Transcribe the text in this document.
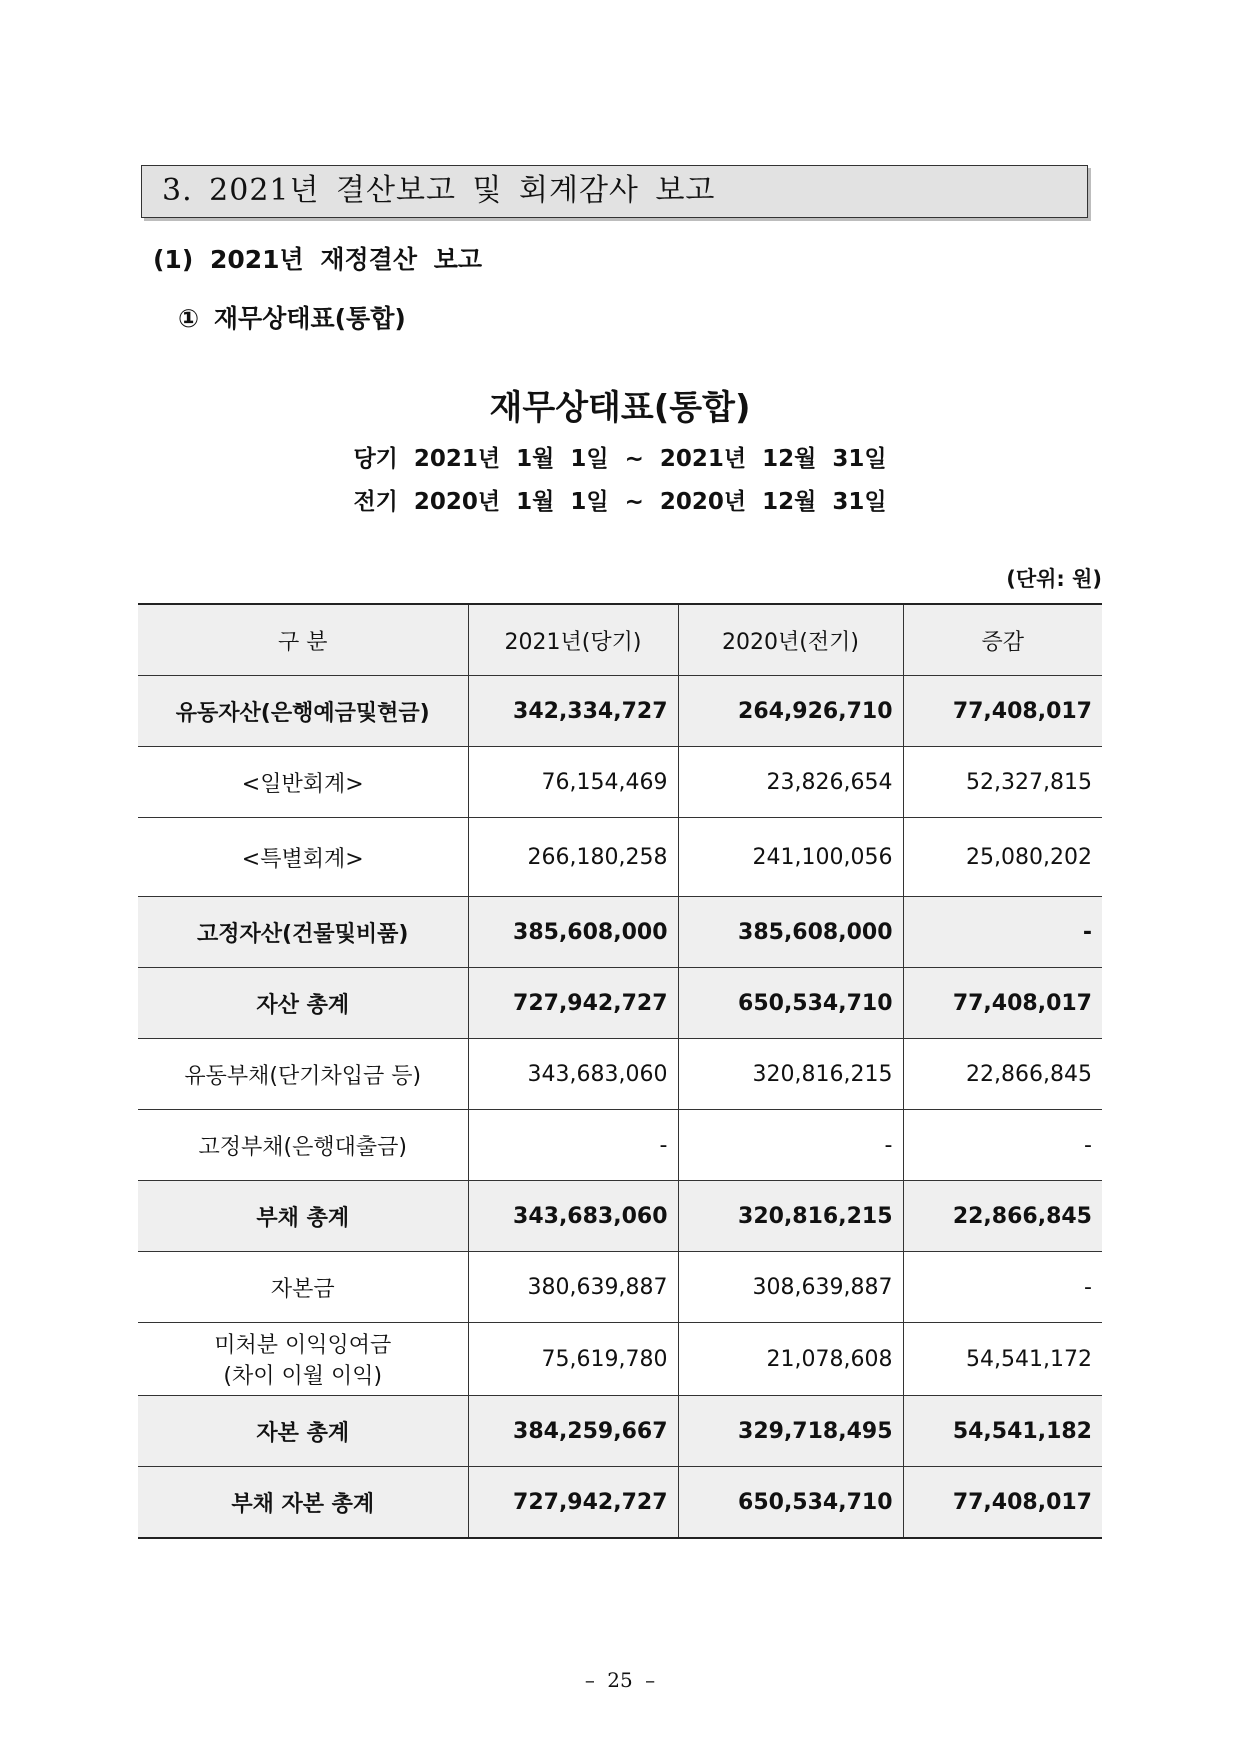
3. 2021년 결산보고 및 회계감사 보고
(1) 2021년 재정결산 보고
① 재무상태표(통합)
재무상태표(통합)
당기 2021년 1월 1일 ~ 2021년 12월 31일
전기 2020년 1월 1일 ~ 2020년 12월 31일
(단위: 원)
구 분	2021년(당기)	2020년(전기)	증감
유동자산(은행예금및현금)	342,334,727	264,926,710	77,408,017
<일반회계>	76,154,469	23,826,654	52,327,815
<특별회계>	266,180,258	241,100,056	25,080,202
고정자산(건물및비품)	385,608,000	385,608,000	-
자산 총계	727,942,727	650,534,710	77,408,017
유동부채(단기차입금 등)	343,683,060	320,816,215	22,866,845
고정부채(은행대출금)	-	-	-
부채 총계	343,683,060	320,816,215	22,866,845
자본금	380,639,887	308,639,887	-

미처분 이익잉여금
(차이 이월 이익)	75,619,780	21,078,608	54,541,172
자본 총계	384,259,667	329,718,495	54,541,182
부채 자본 총계	727,942,727	650,534,710	77,408,017
– 25 –
